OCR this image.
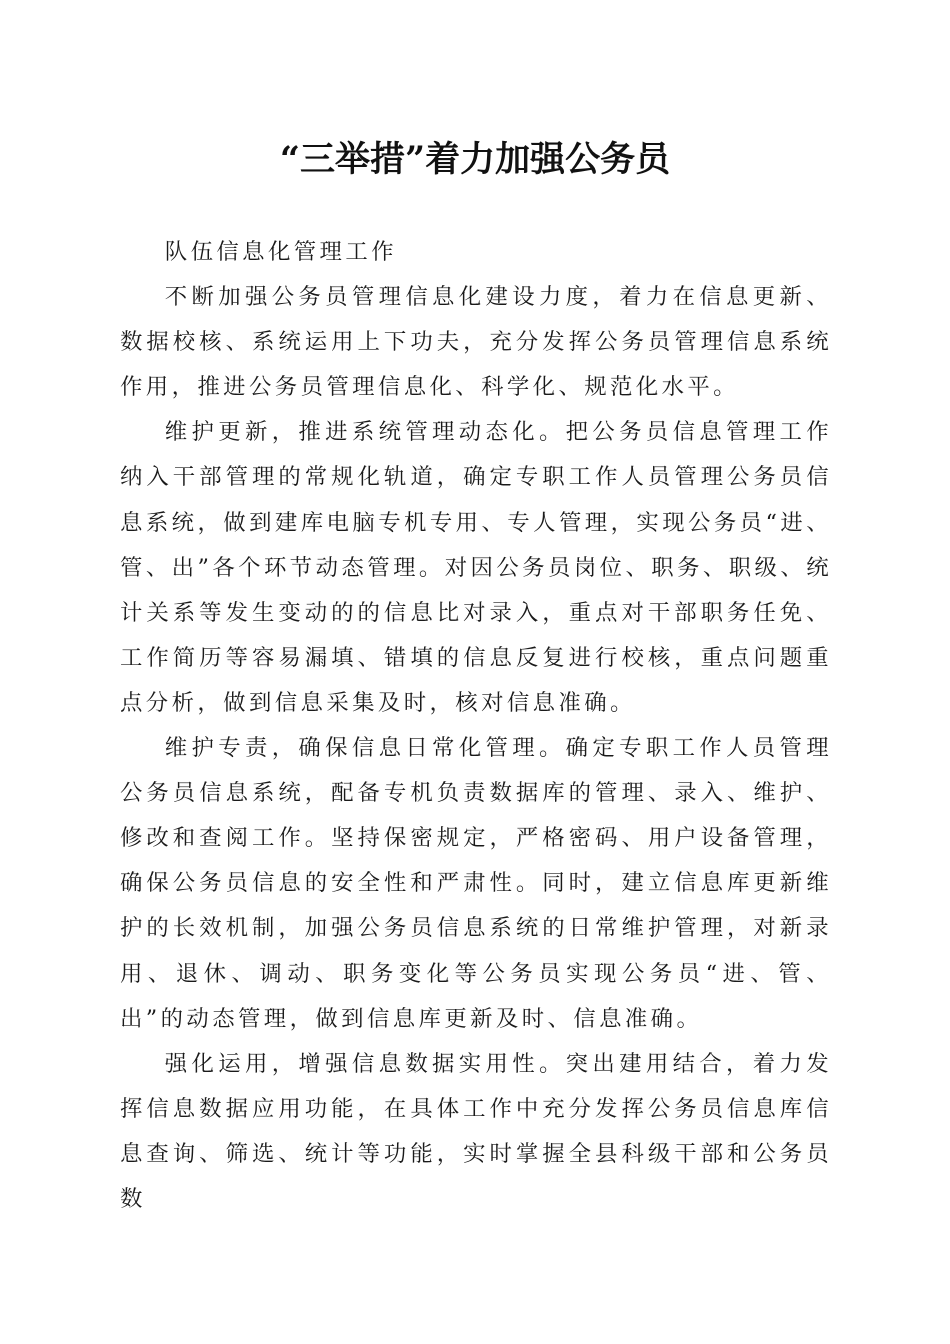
“三举措”着力加强公务员

队伍信息化管理工作

不断加强公务员管理信息化建设力度，着力在信息更新、数据校核、系统运用上下功夫，充分发挥公务员管理信息系统作用，推进公务员管理信息化、科学化、规范化水平。

维护更新，推进系统管理动态化。把公务员信息管理工作纳入干部管理的常规化轨道，确定专职工作人员管理公务员信息系统，做到建库电脑专机专用、专人管理，实现公务员“进、管、出”各个环节动态管理。对因公务员岗位、职务、职级、统计关系等发生变动的的信息比对录入，重点对干部职务任免、工作简历等容易漏填、错填的信息反复进行校核，重点问题重点分析，做到信息采集及时，核对信息准确。

维护专责，确保信息日常化管理。确定专职工作人员管理公务员信息系统，配备专机负责数据库的管理、录入、维护、修改和查阅工作。坚持保密规定，严格密码、用户设备管理，确保公务员信息的安全性和严肃性。同时，建立信息库更新维护的长效机制，加强公务员信息系统的日常维护管理，对新录用、退休、调动、职务变化等公务员实现公务员“进、管、出”的动态管理，做到信息库更新及时、信息准确。

强化运用，增强信息数据实用性。突出建用结合，着力发挥信息数据应用功能，在具体工作中充分发挥公务员信息库信息查询、筛选、统计等功能，实时掌握全县科级干部和公务员数
